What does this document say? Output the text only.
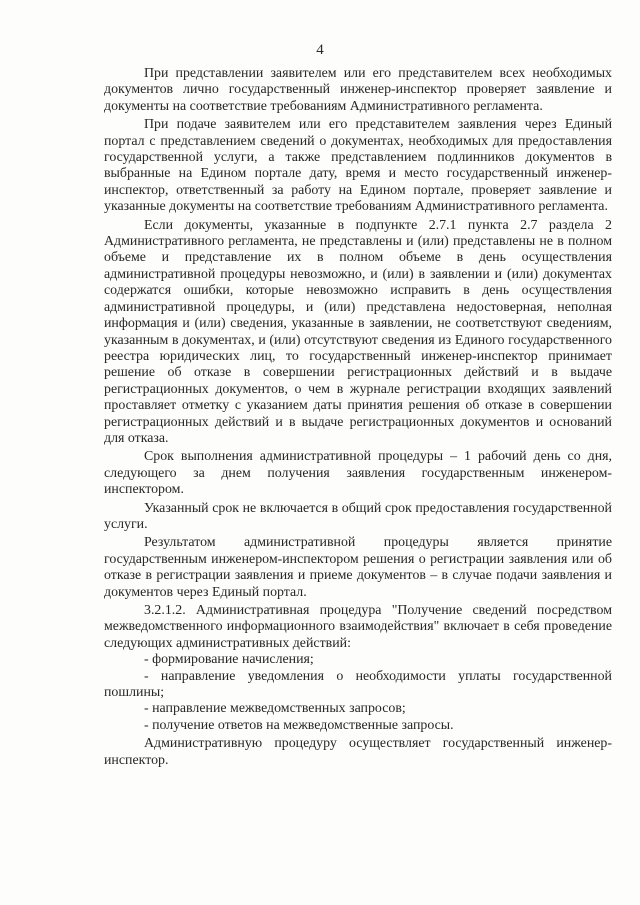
4

При представлении заявителем или его представителем всех необходимых документов лично государственный инженер-инспектор проверяет заявление и документы на соответствие требованиям Административного регламента.

При подаче заявителем или его представителем заявления через Единый портал с представлением сведений о документах, необходимых для предоставления государственной услуги, а также представлением подлинников документов в выбранные на Едином портале дату, время и место государственный инженер-инспектор, ответственный за работу на Едином портале, проверяет заявление и указанные документы на соответствие требованиям Административного регламента.

Если документы, указанные в подпункте 2.7.1 пункта 2.7 раздела 2 Административного регламента, не представлены и (или) представлены не в полном объеме и представление их в полном объеме в день осуществления административной процедуры невозможно, и (или) в заявлении и (или) документах содержатся ошибки, которые невозможно исправить в день осуществления административной процедуры, и (или) представлена недостоверная, неполная информация и (или) сведения, указанные в заявлении, не соответствуют сведениям, указанным в документах, и (или) отсутствуют сведения из Единого государственного реестра юридических лиц, то государственный инженер-инспектор принимает решение об отказе в совершении регистрационных действий и в выдаче регистрационных документов, о чем в журнале регистрации входящих заявлений проставляет отметку с указанием даты принятия решения об отказе в совершении регистрационных действий и в выдаче регистрационных документов и оснований для отказа.

Срок выполнения административной процедуры – 1 рабочий день со дня, следующего за днем получения заявления государственным инженером-инспектором.

Указанный срок не включается в общий срок предоставления государственной услуги.

Результатом административной процедуры является принятие государственным инженером-инспектором решения о регистрации заявления или об отказе в регистрации заявления и приеме документов – в случае подачи заявления и документов через Единый портал.

3.2.1.2. Административная процедура "Получение сведений посредством межведомственного информационного взаимодействия" включает в себя проведение следующих административных действий:

- формирование начисления;

- направление уведомления о необходимости уплаты государственной пошлины;

- направление межведомственных запросов;

- получение ответов на межведомственные запросы.

Административную процедуру осуществляет государственный инженер-инспектор.
